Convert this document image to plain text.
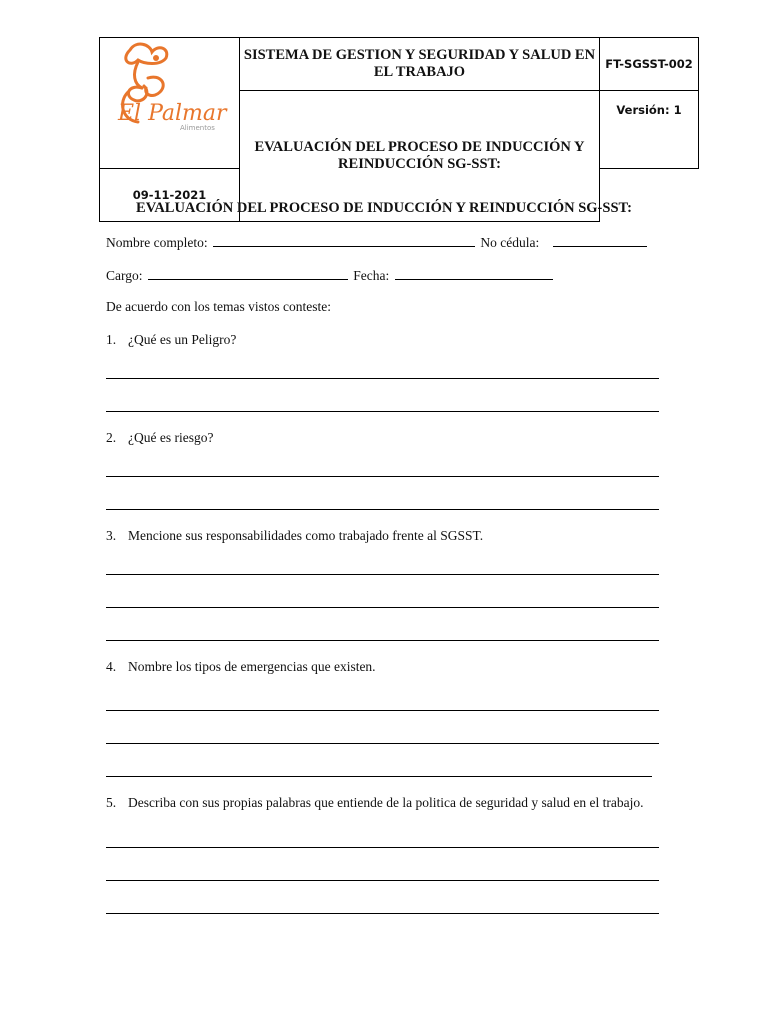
El Palmar
Alimentos	SISTEMA DE GESTION Y SEGURIDAD Y SALUD EN EL TRABAJO	FT-SGSST-002
	EVALUACIÓN DEL PROCESO DE INDUCCIÓN Y REINDUCCIÓN SG-SST:	Versión: 1
09-11-2021		
EVALUACIÓN DEL PROCESO DE INDUCCIÓN Y REINDUCCIÓN SG-SST:
Nombre completo:	No cédula:
Cargo:	Fecha:
De acuerdo con los temas vistos conteste:
1. ¿Qué es un Peligro?
2. ¿Qué es riesgo?
3. Mencione sus responsabilidades como trabajado frente al SGSST.
4. Nombre los tipos de emergencias que existen.
5. Describa con sus propias palabras que entiende de la politica de seguridad y salud en el trabajo.
